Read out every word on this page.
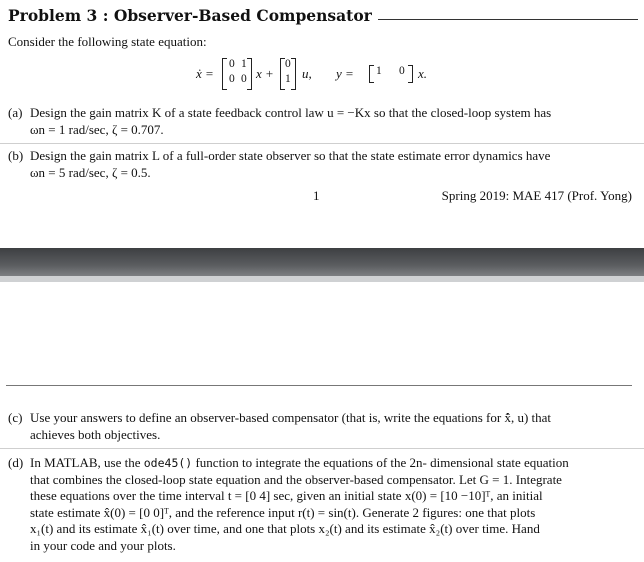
Problem 3 : Observer-Based Compensator
Consider the following state equation:
ẋ =
0 1
0 0 x +
0
1 u, y = 1 0 x.
(a) Design the gain matrix K of a state feedback control law u = −Kx so that the closed-loop system has
ωn = 1 rad/sec, ζ = 0.707.
(b) Design the gain matrix L of a full-order state observer so that the state estimate error dynamics have
ωn = 5 rad/sec, ζ = 0.5.
1	Spring 2019: MAE 417 (Prof. Yong)
(c) Use your answers to define an observer-based compensator (that is, write the equations for x̂̇, u) that
achieves both objectives.
(d) In MATLAB, use the ode45() function to integrate the equations of the 2n- dimensional state equation
that combines the closed-loop state equation and the observer-based compensator. Let G = 1. Integrate
these equations over the time interval t = [0 4] sec, given an initial state x(0) = [10 −10]ᵀ, an initial
state estimate x̂(0) = [0 0]ᵀ, and the reference input r(t) = sin(t). Generate 2 figures: one that plots
x₁(t) and its estimate x̂₁(t) over time, and one that plots x₂(t) and its estimate x̂₂(t) over time. Hand
in your code and your plots.
